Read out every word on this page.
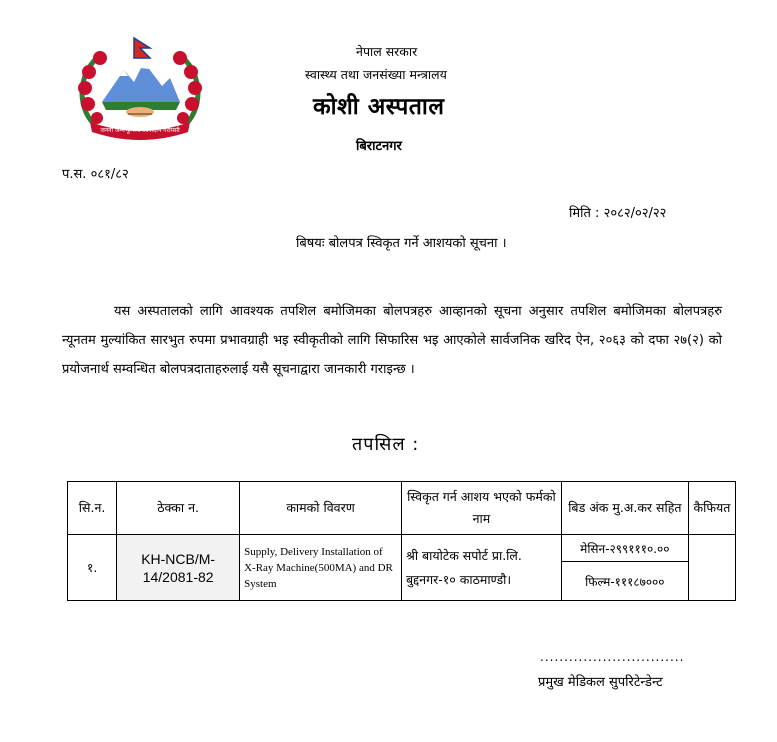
जननी जन्मभूमिश्च स्वर्गादपि गरीयसी
नेपाल सरकार
स्वास्थ्य तथा जनसंख्या मन्त्रालय
कोशी अस्पताल
बिराटनगर
प.स. ०८१/८२
मिति : २०८२/०२/२२
बिषयः बोलपत्र स्विकृत गर्ने आशयको सूचना ।
यस अस्पतालको लागि आवश्यक तपशिल बमोजिमका बोलपत्रहरु आव्हानको सूचना अनुसार तपशिल बमोजिमका बोलपत्रहरु न्यूनतम मुल्यांकित सारभुत रुपमा प्रभावग्राही भइ स्वीकृतीको लागि सिफारिस भइ आएकोले सार्वजनिक खरिद ऐन, २०६३ को दफा २७(२) को प्रयोजनार्थ सम्वन्धित बोलपत्रदाताहरुलाई यसै सूचनाद्वारा जानकारी गराइन्छ ।
तपसिल :
सि.न.	ठेक्का न.	कामको विवरण	स्विकृत गर्न आशय भएको फर्मको नाम	बिड अंक मु.अ.कर सहित	कैफियत
१.	KH-NCB/M-14/2081-82	Supply, Delivery Installation of X-Ray Machine(500MA) and DR System	श्री बायोटेक सपोर्ट प्रा.लि. बुद्दनगर-१० काठमाण्डौ।	मेसिन-२९९१११०.००	
				फिल्म-१११८७०००	
..............................
प्रमुख मेडिकल सुपरिटेन्डेन्ट
